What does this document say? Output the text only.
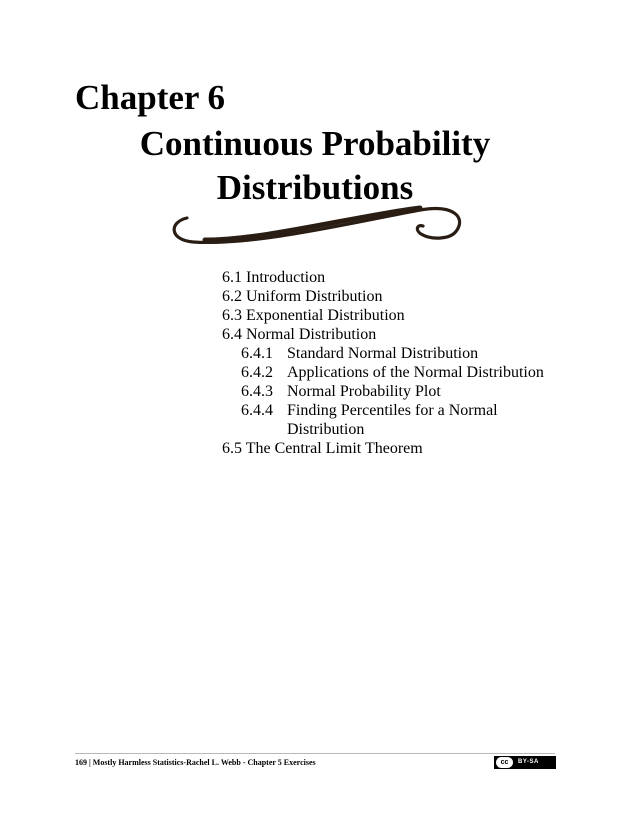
Chapter 6
Continuous Probability
Distributions
6.1 Introduction
6.2 Uniform Distribution
6.3 Exponential Distribution
6.4 Normal Distribution
6.4.1 Standard Normal Distribution
6.4.2 Applications of the Normal Distribution
6.4.3 Normal Probability Plot
6.4.4 Finding Percentiles for a Normal
Distribution
6.5 The Central Limit Theorem
169 | Mostly Harmless Statistics-Rachel L. Webb - Chapter 5 Exercises	cc	BY-SA
